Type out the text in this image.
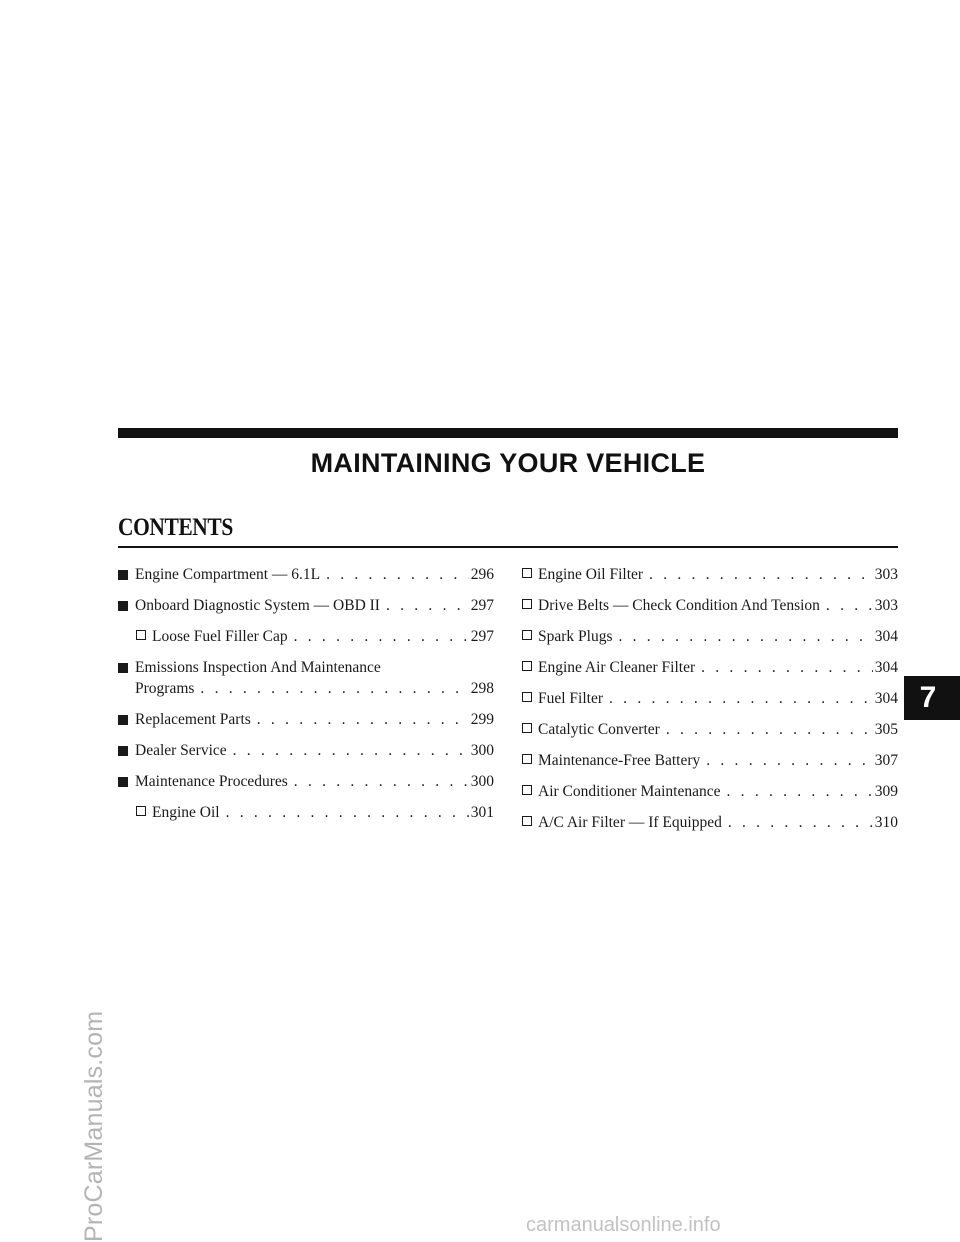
MAINTAINING YOUR VEHICLE
CONTENTS
Engine Compartment — 6.1L . . .	296
Onboard Diagnostic System — OBD II . . .	297
Loose Fuel Filler Cap . . .	297
Emissions Inspection And Maintenance
Programs . . .	298
Replacement Parts . . .	299
Dealer Service . . .	300
Maintenance Procedures . . .	300
Engine Oil . . .	301
Engine Oil Filter . . .	303
Drive Belts — Check Condition And Tension . . .	303
Spark Plugs . . .	304
Engine Air Cleaner Filter . . .	304
Fuel Filter . . .	304
Catalytic Converter . . .	305
Maintenance-Free Battery . . .	307
Air Conditioner Maintenance . . .	309
A/C Air Filter — If Equipped . . .	310
7
ProCarManuals.com	carmanualsonline.info
